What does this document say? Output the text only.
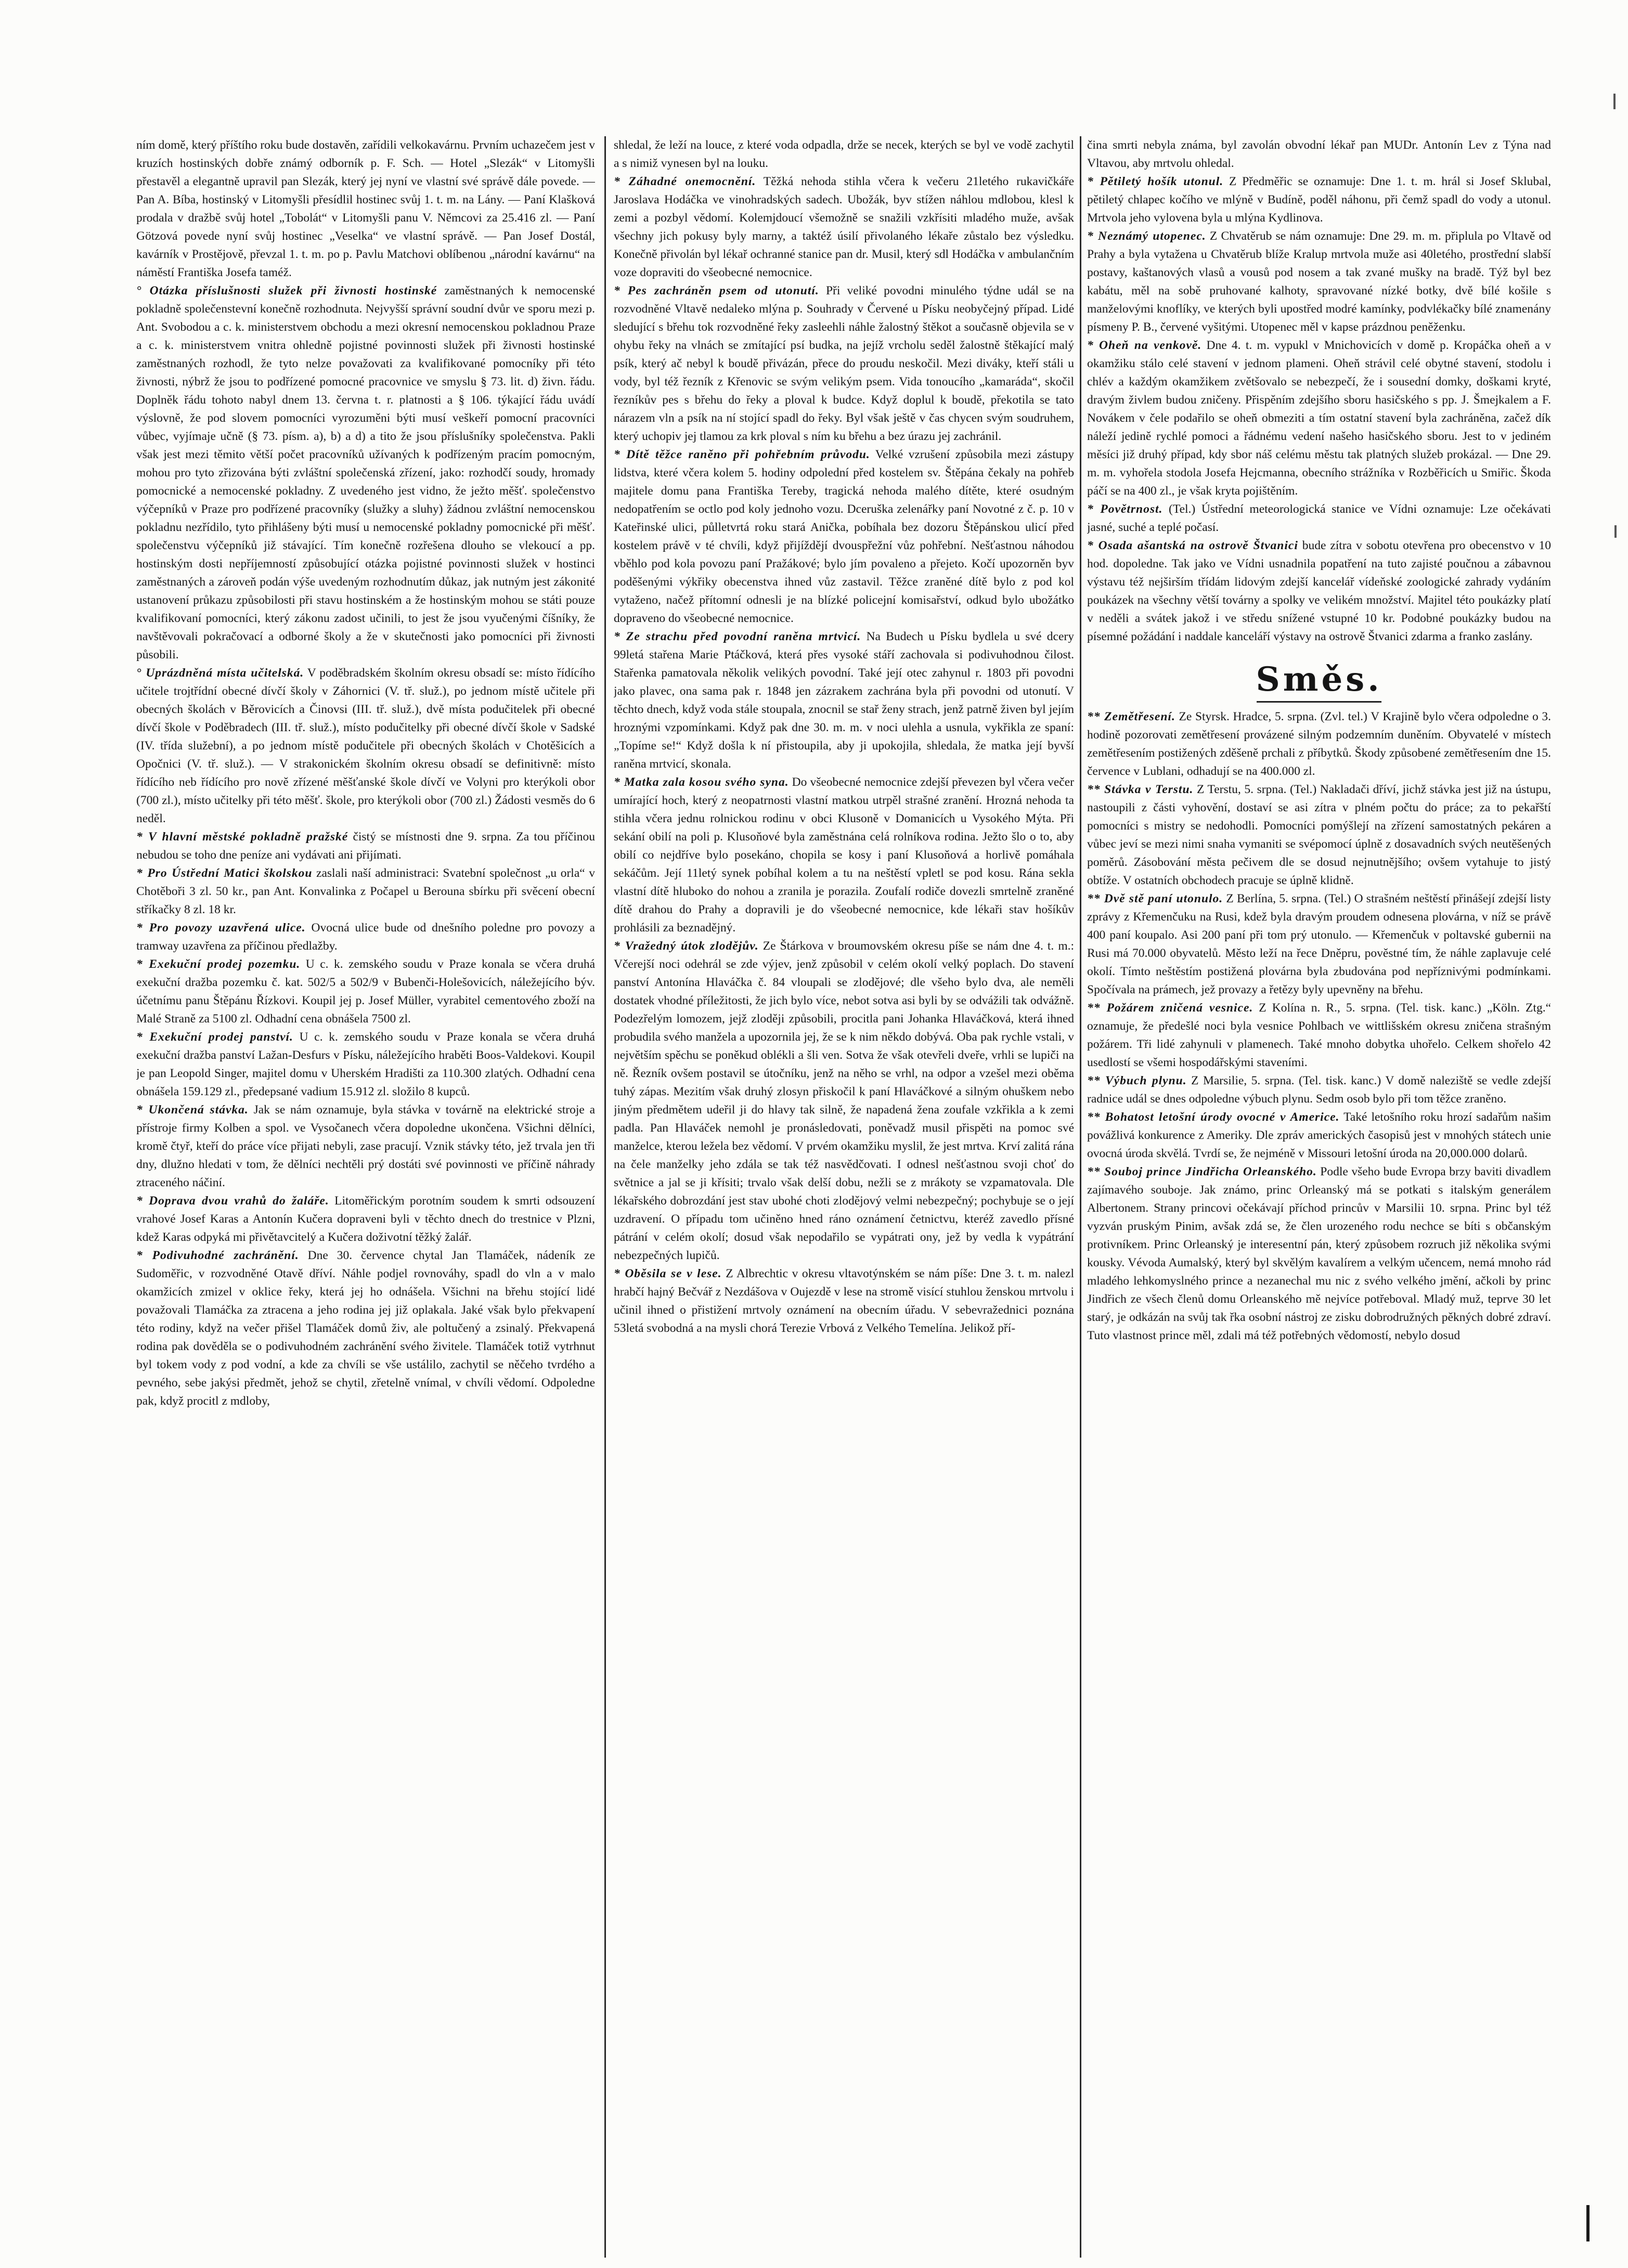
ním domě, který příštího roku bude dostavěn, zařídili velkokavárnu. Prvním uchazečem jest v kruzích hostinských dobře známý odborník p. F. Sch. — Hotel „Slezák“ v Litomyšli přestavěl a elegantně upravil pan Slezák, který jej nyní ve vlastní své správě dále povede. — Pan A. Bíba, hostinský v Litomyšli přesídlil hostinec svůj 1. t. m. na Lány. — Paní Klašková prodala v dražbě svůj hotel „Tobolát“ v Litomyšli panu V. Němcovi za 25.416 zl. — Paní Götzová povede nyní svůj hostinec „Veselka“ ve vlastní správě. — Pan Josef Dostál, kavárník v Prostějově, převzal 1. t. m. po p. Pavlu Matchovi oblíbenou „národní kavárnu“ na náměstí Františka Josefa taméž.

° Otázka příslušnosti služek při živnosti hostinské zaměstnaných k nemocenské pokladně společenstevní konečně rozhodnuta. Nejvyšší správní soudní dvůr ve sporu mezi p. Ant. Svobodou a c. k. ministerstvem obchodu a mezi okresní nemocenskou pokladnou Praze a c. k. ministerstvem vnitra ohledně pojistné povinnosti služek při živnosti hostinské zaměstnaných rozhodl, že tyto nelze považovati za kvalifikované pomocníky při této živnosti, nýbrž že jsou to podřízené pomocné pracovnice ve smyslu § 73. lit. d) živn. řádu. Doplněk řádu tohoto nabyl dnem 13. června t. r. platnosti a § 106. týkající řádu uvádí výslovně, že pod slovem pomocníci vyrozuměni býti musí veškeří pomocní pracovníci vůbec, vyjímaje učně (§ 73. písm. a), b) a d) a tito že jsou příslušníky společenstva. Pakli však jest mezi těmito větší počet pracovníků užívaných k podřízeným pracím pomocným, mohou pro tyto zřizována býti zvláštní společenská zřízení, jako: rozhodčí soudy, hromady pomocnické a nemocenské pokladny. Z uvedeného jest vidno, že ježto měšť. společenstvo výčepníků v Praze pro podřízené pracovníky (služky a sluhy) žádnou zvláštní nemocenskou pokladnu nezřídilo, tyto přihlášeny býti musí u nemocenské pokladny pomocnické při měšť. společenstvu výčepníků již stávající. Tím konečně rozřešena dlouho se vlekoucí a pp. hostinským dosti nepříjemností způsobující otázka pojistné povinnosti služek v hostinci zaměstnaných a zároveň podán výše uvedeným rozhodnutím důkaz, jak nutným jest zákonité ustanovení průkazu způsobilosti při stavu hostinském a že hostinským mohou se státi pouze kvalifikovaní pomocníci, který zákonu zadost učinili, to jest že jsou vyučenými číšníky, že navštěvovali pokračovací a odborné školy a že v skutečnosti jako pomocníci při živnosti působili.

° Uprázdněná místa učitelská. V poděbradském školním okresu obsadí se: místo řídícího učitele trojtřídní obecné dívčí školy v Záhornici (V. tř. služ.), po jednom místě učitele při obecných školách v Běrovicích a Činovsi (III. tř. služ.), dvě místa podučitelek při obecné dívčí škole v Poděbradech (III. tř. služ.), místo podučitelky při obecné dívčí škole v Sadské (IV. třída služební), a po jednom místě podučitele při obecných školách v Chotěšicích a Opočnici (V. tř. služ.). — V strakonickém školním okresu obsadí se definitivně: místo řídícího neb řídícího pro nově zřízené měšťanské škole dívčí ve Volyni pro kterýkoli obor (700 zl.), místo učitelky při této měšť. škole, pro kterýkoli obor (700 zl.) Žádosti vesměs do 6 neděl.

* V hlavní městské pokladně pražské čistý se místnosti dne 9. srpna. Za tou příčinou nebudou se toho dne peníze ani vydávati ani přijímati.

* Pro Ústřední Matici školskou zaslali naší administraci: Svatební společnost „u orla“ v Chotěboři 3 zl. 50 kr., pan Ant. Konvalinka z Počapel u Berouna sbírku při svěcení obecní stříkačky 8 zl. 18 kr.

* Pro povozy uzavřená ulice. Ovocná ulice bude od dnešního poledne pro povozy a tramway uzavřena za příčinou předlažby.

* Exekuční prodej pozemku. U c. k. zemského soudu v Praze konala se včera druhá exekuční dražba pozemku č. kat. 502/5 a 502/9 v Bubenči-Holešovicích, náležejícího býv. účetnímu panu Štěpánu Řízkovi. Koupil jej p. Josef Müller, vyrabitel cementového zboží na Malé Straně za 5100 zl. Odhadní cena obnášela 7500 zl.

* Exekuční prodej panství. U c. k. zemského soudu v Praze konala se včera druhá exekuční dražba panství Lažan-Desfurs v Písku, náležejícího hraběti Boos-Valdekovi. Koupil je pan Leopold Singer, majitel domu v Uherském Hradišti za 110.300 zlatých. Odhadní cena obnášela 159.129 zl., předepsané vadium 15.912 zl. složilo 8 kupců.

* Ukončená stávka. Jak se nám oznamuje, byla stávka v továrně na elektrické stroje a přístroje firmy Kolben a spol. ve Vysočanech včera dopoledne ukončena. Všichni dělníci, kromě čtyř, kteří do práce více přijati nebyli, zase pracují. Vznik stávky této, jež trvala jen tři dny, dlužno hledati v tom, že dělníci nechtěli prý dostáti své povinnosti ve příčině náhrady ztraceného náčiní.

* Doprava dvou vrahů do žaláře. Litoměřickým porotním soudem k smrti odsouzení vrahové Josef Karas a Antonín Kučera dopraveni byli v těchto dnech do trestnice v Plzni, kdež Karas odpyká mi přivětavcitelý a Kučera doživotní těžký žalář.

* Podivuhodné zachránění. Dne 30. července chytal Jan Tlamáček, nádeník ze Sudoměřic, v rozvodněné Otavě dříví. Náhle podjel rovnováhy, spadl do vln a v malo okamžicích zmizel v oklice řeky, která jej ho odnášela. Všichni na břehu stojící lidé považovali Tlamáčka za ztracena a jeho rodina jej již oplakala. Jaké však bylo překvapení této rodiny, když na večer přišel Tlamáček domů živ, ale poltučený a zsinalý. Překvapená rodina pak dověděla se o podivuhodném zachránění svého živitele. Tlamáček totiž vytrhnut byl tokem vody z pod vodní, a kde za chvíli se vše ustálilo, zachytil se něčeho tvrdého a pevného, sebe jakýsi předmět, jehož se chytil, zřetelně vnímal, v chvíli vědomí. Odpoledne pak, když procitl z mdloby,

shledal, že leží na louce, z které voda odpadla, drže se necek, kterých se byl ve vodě zachytil a s nimiž vynesen byl na louku.

* Záhadné onemocnění. Těžká nehoda stihla včera k večeru 21letého rukavičkáře Jaroslava Hodáčka ve vinohradských sadech. Ubožák, byv stížen náhlou mdlobou, klesl k zemi a pozbyl vědomí. Kolemjdoucí všemožně se snažili vzkřísiti mladého muže, avšak všechny jich pokusy byly marny, a taktéž úsilí přivolaného lékaře zůstalo bez výsledku. Konečně přivolán byl lékař ochranné stanice pan dr. Musil, který sdl Hodáčka v ambulančním voze dopraviti do všeobecné nemocnice.

* Pes zachráněn psem od utonutí. Při veliké povodni minulého týdne udál se na rozvodněné Vltavě nedaleko mlýna p. Souhrady v Červené u Písku neobyčejný případ. Lidé sledující s břehu tok rozvodněné řeky zasleehli náhle žalostný štěkot a současně objevila se v ohybu řeky na vlnách se zmítající psí budka, na jejíž vrcholu seděl žalostně štěkající malý psík, který ač nebyl k boudě přivázán, přece do proudu neskočil. Mezi diváky, kteří stáli u vody, byl též řezník z Křenovic se svým velikým psem. Vida tonoucího „kamaráda“, skočil řezníkův pes s břehu do řeky a ploval k budce. Když doplul k boudě, překotila se tato nárazem vln a psík na ní stojící spadl do řeky. Byl však ještě v čas chycen svým soudruhem, který uchopiv jej tlamou za krk ploval s ním ku břehu a bez úrazu jej zachránil.

* Dítě těžce raněno při pohřebním průvodu. Velké vzrušení způsobila mezi zástupy lidstva, které včera kolem 5. hodiny odpolední před kostelem sv. Štěpána čekaly na pohřeb majitele domu pana Františka Tereby, tragická nehoda malého dítěte, které osudným nedopatřením se octlo pod koly jednoho vozu. Dceruška zelenářky paní Novotné z č. p. 10 v Kateřinské ulici, půlletvrtá roku stará Anička, pobíhala bez dozoru Štěpánskou ulicí před kostelem právě v té chvíli, když přijíždějí dvouspřežní vůz pohřební. Nešťastnou náhodou vběhlo pod kola povozu paní Pražákové; bylo jím povaleno a přejeto. Kočí upozorněn byv poděšenými výkřiky obecenstva ihned vůz zastavil. Těžce zraněné dítě bylo z pod kol vytaženo, načež přítomní odnesli je na blízké policejní komisařství, odkud bylo ubožátko dopraveno do všeobecné nemocnice.

* Ze strachu před povodní raněna mrtvicí. Na Budech u Písku bydlela u své dcery 99letá stařena Marie Ptáčková, která přes vysoké stáří zachovala si podivuhodnou čilost. Stařenka pamatovala několik velikých povodní. Také její otec zahynul r. 1803 při povodni jako plavec, ona sama pak r. 1848 jen zázrakem zachrána byla při povodni od utonutí. V těchto dnech, když voda stále stoupala, znocnil se stař ženy strach, jenž patrně živen byl jejím hroznými vzpomínkami. Když pak dne 30. m. m. v noci ulehla a usnula, vykřikla ze spaní: „Topíme se!“ Když došla k ní přistoupila, aby ji upokojila, shledala, že matka její byvší raněna mrtvicí, skonala.

* Matka zala kosou svého syna. Do všeobecné nemocnice zdejší převezen byl včera večer umírající hoch, který z neopatrnosti vlastní matkou utrpěl strašné zranění. Hrozná nehoda ta stihla včera jednu rolnickou rodinu v obci Klusoně v Domanicích u Vysokého Mýta. Při sekání obilí na poli p. Klusoňové byla zaměstnána celá rolníkova rodina. Ježto šlo o to, aby obilí co nejdříve bylo posekáno, chopila se kosy i paní Klusoňová a horlivě pomáhala sekáčům. Její 11letý synek pobíhal kolem a tu na neštěstí vpletl se pod kosu. Rána sekla vlastní dítě hluboko do nohou a zranila je porazila. Zoufalí rodiče dovezli smrtelně zraněné dítě drahou do Prahy a dopravili je do všeobecné nemocnice, kde lékaři stav hošíkův prohlásili za beznadějný.

* Vražedný útok zlodějův. Ze Štárkova v broumovském okresu píše se nám dne 4. t. m.: Včerejší noci odehrál se zde výjev, jenž způsobil v celém okolí velký poplach. Do stavení panství Antonína Hlaváčka č. 84 vloupali se zlodějové; dle všeho bylo dva, ale neměli dostatek vhodné příležitosti, že jich bylo více, nebot sotva asi byli by se odvážili tak odvážně. Podezřelým lomozem, jejž zloději způsobili, procitla pani Johanka Hlaváčková, která ihned probudila svého manžela a upozornila jej, že se k nim někdo dobývá. Oba pak rychle vstali, v největším spěchu se poněkud oblékli a šli ven. Sotva že však otevřeli dveře, vrhli se lupiči na ně. Řezník ovšem postavil se útočníku, jenž na něho se vrhl, na odpor a vzešel mezi oběma tuhý zápas. Mezitím však druhý zlosyn přiskočil k paní Hlaváčkové a silným ohuškem nebo jiným předmětem udeřil ji do hlavy tak silně, že napadená žena zoufale vzkřikla a k zemi padla. Pan Hlaváček nemohl je pronásledovati, poněvadž musil přispěti na pomoc své manželce, kterou ležela bez vědomí. V prvém okamžiku myslil, že jest mrtva. Krví zalitá rána na čele manželky jeho zdála se tak též nasvědčovati. I odnesl nešťastnou svoji choť do světnice a jal se ji křísiti; trvalo však delší dobu, nežli se z mrákoty se vzpamatovala. Dle lékařského dobrozdání jest stav ubohé choti zlodějový velmi nebezpečný; pochybuje se o její uzdravení. O případu tom učiněno hned ráno oznámení četnictvu, kteréž zavedlo přísné pátrání v celém okolí; dosud však nepodařilo se vypátrati ony, jež by vedla k vypátrání nebezpečných lupičů.

* Oběsila se v lese. Z Albrechtic v okresu vltavotýnském se nám píše: Dne 3. t. m. nalezl hrabčí hajný Bečvář z Nezdášova v Oujezdě v lese na stromě visící stuhlou ženskou mrtvolu i učinil ihned o přistižení mrtvoly oznámení na obecním úřadu. V sebevražednici poznána 53letá svobodná a na mysli chorá Terezie Vrbová z Velkého Temelína. Jelikož pří-

čina smrti nebyla známa, byl zavolán obvodní lékař pan MUDr. Antonín Lev z Týna nad Vltavou, aby mrtvolu ohledal.

* Pětiletý hošík utonul. Z Předměřic se oznamuje: Dne 1. t. m. hrál si Josef Sklubal, pětiletý chlapec kočího ve mlýně v Budíně, poděl náhonu, při čemž spadl do vody a utonul. Mrtvola jeho vylovena byla u mlýna Kydlinova.

* Neznámý utopenec. Z Chvatěrub se nám oznamuje: Dne 29. m. m. připlula po Vltavě od Prahy a byla vytažena u Chvatěrub blíže Kralup mrtvola muže asi 40letého, prostřední slabší postavy, kaštanových vlasů a vousů pod nosem a tak zvané mušky na bradě. Týž byl bez kabátu, měl na sobě pruhované kalhoty, spravované nízké botky, dvě bílé košile s manželovými knoflíky, ve kterých byli upostřed modré kamínky, podvlékačky bílé znamenány písmeny P. B., červené vyšitými. Utopenec měl v kapse prázdnou peněženku.

* Oheň na venkově. Dne 4. t. m. vypukl v Mnichovicích v domě p. Kropáčka oheň a v okamžiku stálo celé stavení v jednom plameni. Oheň strávil celé obytné stavení, stodolu i chlév a každým okamžikem zvětšovalo se nebezpečí, že i sousední domky, doškami kryté, dravým živlem budou zničeny. Přispěním zdejšího sboru hasičského s pp. J. Šmejkalem a F. Novákem v čele podařilo se oheň obmeziti a tím ostatní stavení byla zachráněna, začež dík náleží jedině rychlé pomoci a řádnému vedení našeho hasičského sboru. Jest to v jediném měsíci již druhý případ, kdy sbor náš celému městu tak platných služeb prokázal. — Dne 29. m. m. vyhořela stodola Josefa Hejcmanna, obecního strážníka v Rozběřicích u Smiřic. Škoda páčí se na 400 zl., je však kryta pojištěním.

* Povětrnost. (Tel.) Ústřední meteorologická stanice ve Vídni oznamuje: Lze očekávati jasné, suché a teplé počasí.

* Osada ašantská na ostrově Štvanici bude zítra v sobotu otevřena pro obecenstvo v 10 hod. dopoledne. Tak jako ve Vídni usnadnila popatření na tuto zajisté poučnou a zábavnou výstavu též nejširším třídám lidovým zdejší kancelář vídeňské zoologické zahrady vydáním poukázek na všechny větší továrny a spolky ve velikém množství. Majitel této poukázky platí v neděli a svátek jakož i ve středu snížené vstupné 10 kr. Podobné poukázky budou na písemné požádání i naddale kanceláří výstavy na ostrově Štvanici zdarma a franko zaslány.

Směs.

** Zemětřesení. Ze Styrsk. Hradce, 5. srpna. (Zvl. tel.) V Krajině bylo včera odpoledne o 3. hodině pozorovati zemětřesení provázené silným podzemním duněním. Obyvatelé v místech zemětřesením postižených zděšeně prchali z příbytků. Škody způsobené zemětřesením dne 15. července v Lublani, odhadují se na 400.000 zl.

** Stávka v Terstu. Z Terstu, 5. srpna. (Tel.) Nakladači dříví, jichž stávka jest již na ústupu, nastoupili z části vyhovění, dostaví se asi zítra v plném počtu do práce; za to pekařští pomocníci s mistry se nedohodli. Pomocníci pomýšlejí na zřízení samostatných pekáren a vůbec jeví se mezi nimi snaha vymaniti se svépomocí úplně z dosavadních svých neutěšených poměrů. Zásobování města pečivem dle se dosud nejnutnějšího; ovšem vytahuje to jistý obtíže. V ostatních obchodech pracuje se úplně klidně.

** Dvě stě paní utonulo. Z Berlína, 5. srpna. (Tel.) O strašném neštěstí přinášejí zdejší listy zprávy z Křemenčuku na Rusi, kdež byla dravým proudem odnesena plovárna, v níž se právě 400 paní koupalo. Asi 200 paní při tom prý utonulo. — Křemenčuk v poltavské gubernii na Rusi má 70.000 obyvatelů. Město leží na řece Dněpru, pověstné tím, že náhle zaplavuje celé okolí. Tímto neštěstím postižená plovárna byla zbudována pod nepříznivými podmínkami. Spočívala na prámech, jež provazy a řetězy byly upevněny na břehu.

** Požárem zničená vesnice. Z Kolína n. R., 5. srpna. (Tel. tisk. kanc.) „Köln. Ztg.“ oznamuje, že předešlé noci byla vesnice Pohlbach ve wittlišském okresu zničena strašným požárem. Tři lidé zahynuli v plamenech. Také mnoho dobytka uhořelo. Celkem shořelo 42 usedlostí se všemi hospodářskými staveními.

** Výbuch plynu. Z Marsilie, 5. srpna. (Tel. tisk. kanc.) V domě naleziště se vedle zdejší radnice udál se dnes odpoledne výbuch plynu. Sedm osob bylo při tom těžce zraněno.

** Bohatost letošní úrody ovocné v Americe. Také letošního roku hrozí sadařům našim povážlivá konkurence z Ameriky. Dle zpráv amerických časopisů jest v mnohých státech unie ovocná úroda skvělá. Tvrdí se, že nejméně v Missouri letošní úroda na 20,000.000 dolarů.

** Souboj prince Jindřicha Orleanského. Podle všeho bude Evropa brzy baviti divadlem zajímavého souboje. Jak známo, princ Orleanský má se potkati s italským generálem Albertonem. Strany princovi očekávají příchod princův v Marsilii 10. srpna. Princ byl též vyzván pruským Pinim, avšak zdá se, že člen urozeného rodu nechce se bíti s občanským protivníkem. Princ Orleanský je interesentní pán, který způsobem rozruch již několika svými kousky. Vévoda Aumalský, který byl skvělým kavalírem a velkým učencem, nemá mnoho rád mladého lehkomyslného prince a nezanechal mu nic z svého velkého jmění, ačkoli by princ Jindřich ze všech členů domu Orleanského mě nejvíce potřeboval. Mladý muž, teprve 30 let starý, je odkázán na svůj tak řka osobní nástroj ze zisku dobrodružných pěkných dobré zdraví. Tuto vlastnost prince měl, zdali má též potřebných vědomostí, nebylo dosud
